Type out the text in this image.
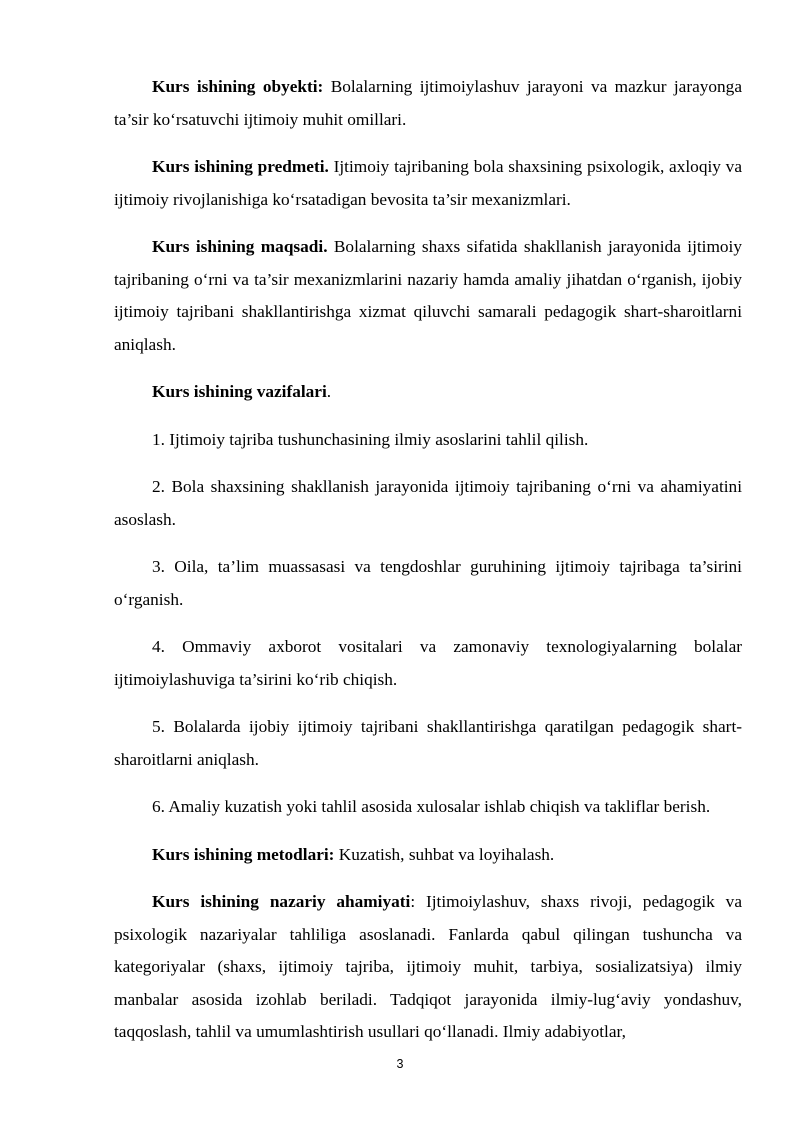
Kurs ishining obyekti: Bolalarning ijtimoiylashuv jarayoni va mazkur jarayonga ta’sir ko‘rsatuvchi ijtimoiy muhit omillari.

Kurs ishining predmeti. Ijtimoiy tajribaning bola shaxsining psixologik, axloqiy va ijtimoiy rivojlanishiga ko‘rsatadigan bevosita ta’sir mexanizmlari.

Kurs ishining maqsadi. Bolalarning shaxs sifatida shakllanish jarayonida ijtimoiy tajribaning o‘rni va ta’sir mexanizmlarini nazariy hamda amaliy jihatdan o‘rganish, ijobiy ijtimoiy tajribani shakllantirishga xizmat qiluvchi samarali pedagogik shart-sharoitlarni aniqlash.

Kurs ishining vazifalari.

1. Ijtimoiy tajriba tushunchasining ilmiy asoslarini tahlil qilish.

2. Bola shaxsining shakllanish jarayonida ijtimoiy tajribaning o‘rni va ahamiyatini asoslash.

3. Oila, ta’lim muassasasi va tengdoshlar guruhining ijtimoiy tajribaga ta’sirini o‘rganish.

4. Ommaviy axborot vositalari va zamonaviy texnologiyalarning bolalar ijtimoiylashuviga ta’sirini ko‘rib chiqish.

5. Bolalarda ijobiy ijtimoiy tajribani shakllantirishga qaratilgan pedagogik shart-sharoitlarni aniqlash.

6. Amaliy kuzatish yoki tahlil asosida xulosalar ishlab chiqish va takliflar berish.

Kurs ishining metodlari: Kuzatish, suhbat va loyihalash.

Kurs ishining nazariy ahamiyati: Ijtimoiylashuv, shaxs rivoji, pedagogik va psixologik nazariyalar tahliliga asoslanadi. Fanlarda qabul qilingan tushuncha va kategoriyalar (shaxs, ijtimoiy tajriba, ijtimoiy muhit, tarbiya, sosializatsiya) ilmiy manbalar asosida izohlab beriladi. Tadqiqot jarayonida ilmiy-lug‘aviy yondashuv, taqqoslash, tahlil va umumlashtirish usullari qo‘llanadi. Ilmiy adabiyotlar,

3
